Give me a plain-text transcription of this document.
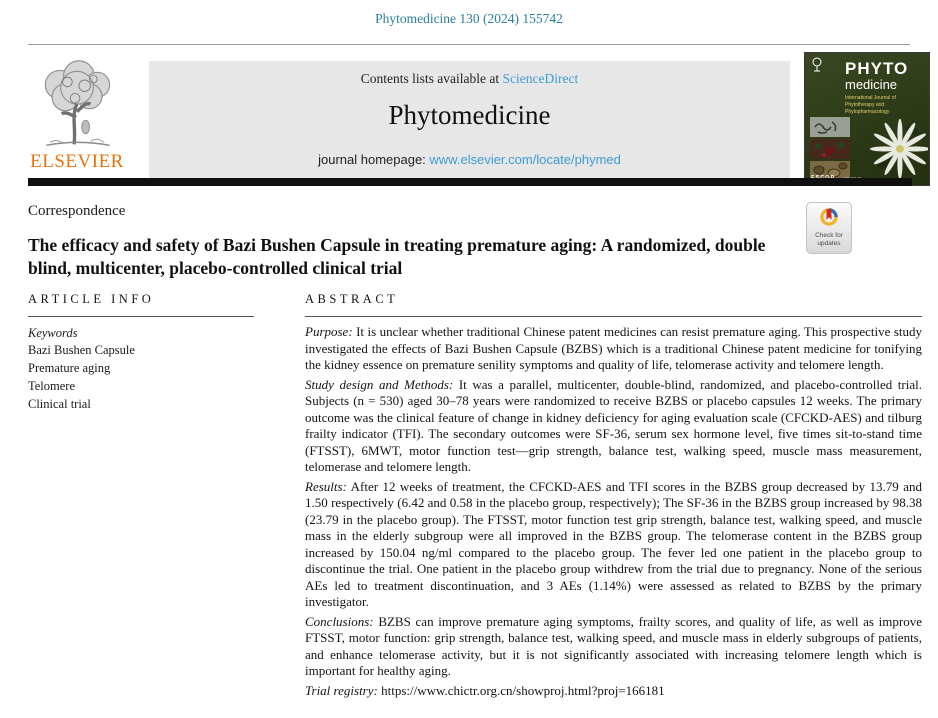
Phytomedicine 130 (2024) 155742
ELSEVIER
Contents lists available at ScienceDirect
Phytomedicine
journal homepage: www.elsevier.com/locate/phymed
PHYTO
medicine
International Journal of Phytotherapy and Phytopharmacology
Correspondence
The efficacy and safety of Bazi Bushen Capsule in treating premature aging: A randomized, double blind, multicenter, placebo-controlled clinical trial
Check for
updates
ARTICLE INFO
Keywords
Bazi Bushen Capsule
Premature aging
Telomere
Clinical trial
ABSTRACT

Purpose: It is unclear whether traditional Chinese patent medicines can resist premature aging. This prospective study investigated the effects of Bazi Bushen Capsule (BZBS) which is a traditional Chinese patent medicine for tonifying the kidney essence on premature senility symptoms and quality of life, telomerase activity and telomere length.

Study design and Methods: It was a parallel, multicenter, double-blind, randomized, and placebo-controlled trial. Subjects (n = 530) aged 30–78 years were randomized to receive BZBS or placebo capsules 12 weeks. The primary outcome was the clinical feature of change in kidney deficiency for aging evaluation scale (CFCKD-AES) and tilburg frailty indicator (TFI). The secondary outcomes were SF-36, serum sex hormone level, five times sit-to-stand time (FTSST), 6MWT, motor function test—grip strength, balance test, walking speed, muscle mass measurement, telomerase and telomere length.

Results: After 12 weeks of treatment, the CFCKD-AES and TFI scores in the BZBS group decreased by 13.79 and 1.50 respectively (6.42 and 0.58 in the placebo group, respectively); The SF-36 in the BZBS group increased by 98.38 (23.79 in the placebo group). The FTSST, motor function test grip strength, balance test, walking speed, and muscle mass in the elderly subgroup were all improved in the BZBS group. The telomerase content in the BZBS group increased by 150.04 ng/ml compared to the placebo group. The fever led one patient in the placebo group to discontinue the trial. One patient in the placebo group withdrew from the trial due to pregnancy. None of the serious AEs led to treatment discontinuation, and 3 AEs (1.14%) were assessed as related to BZBS by the primary investigator.

Conclusions: BZBS can improve premature aging symptoms, frailty scores, and quality of life, as well as improve FTSST, motor function: grip strength, balance test, walking speed, and muscle mass in elderly subgroups of patients, and enhance telomerase activity, but it is not significantly associated with increasing telomere length which is important for healthy aging.

Trial registry: https://www.chictr.org.cn/showproj.html?proj=166181
